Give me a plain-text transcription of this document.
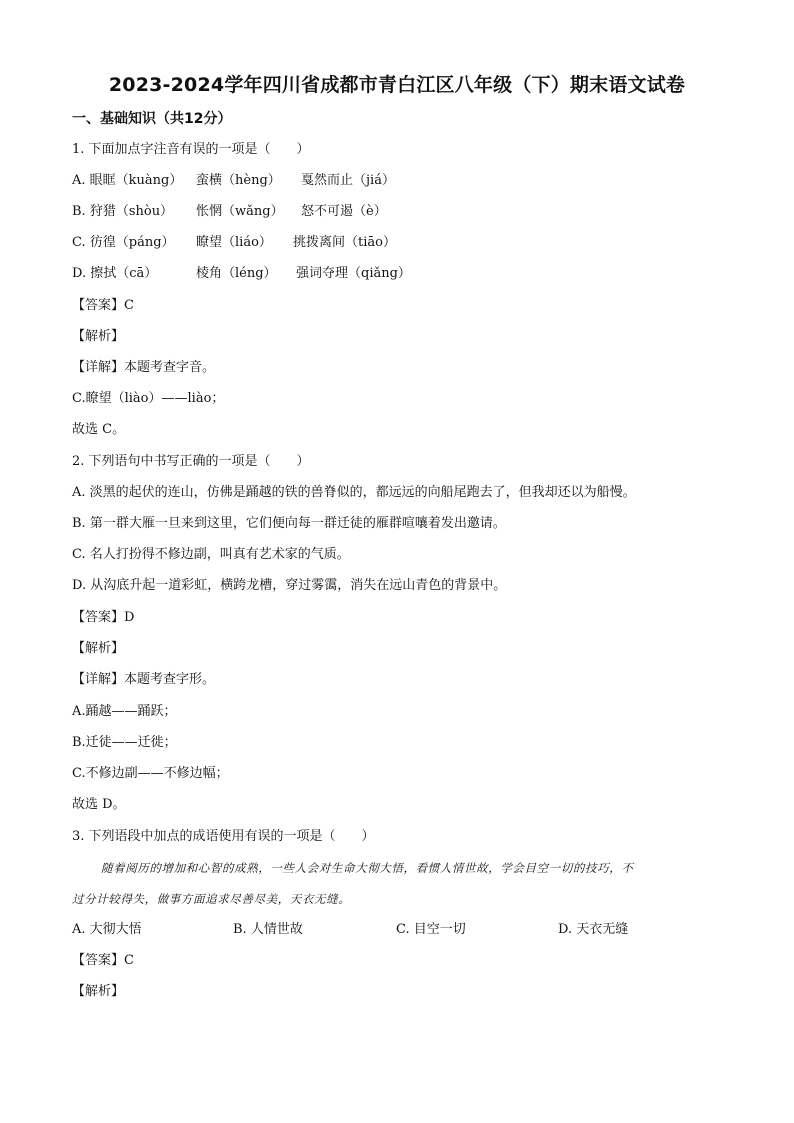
2023-2024学年四川省成都市青白江区八年级（下）期末语文试卷
一、基础知识（共12分）
1. 下面加点字注音有误的一项是（　　）
A. 眼眶（kuàng） 蛮横（hèng） 戛然而止（jiá）
B. 狩猎（shòu） 怅惘（wǎng） 怒不可遏（è）
C. 彷徨（páng） 瞭望（liáo） 挑拨离间（tiāo）
D. 擦拭（cā）	棱角（léng） 强词夺理（qiǎng）
【答案】C
【解析】
【详解】本题考查字音。
C.瞭望（liào）——liào；
故选 C。
2. 下列语句中书写正确的一项是（　　）
A. 淡黑的起伏的连山，仿佛是踊越的铁的兽脊似的，都远远的向船尾跑去了，但我却还以为船慢。
B. 第一群大雁一旦来到这里，它们便向每一群迁徒的雁群喧嚷着发出邀请。
C. 名人打扮得不修边副，叫真有艺术家的气质。
D. 从沟底升起一道彩虹，横跨龙槽，穿过雾霭，消失在远山青色的背景中。
【答案】D
【解析】
【详解】本题考查字形。
A.踊越——踊跃；
B.迁徒——迁徙；
C.不修边副——不修边幅；
故选 D。
3. 下列语段中加点的成语使用有误的一项是（　　）
随着阅历的增加和心智的成熟，一些人会对生命大彻大悟，看惯人情世故，学会目空一切的技巧，不
过分计较得失，做事方面追求尽善尽美，天衣无缝。
A. 大彻大悟	B. 人情世故	C. 目空一切	D. 天衣无缝
【答案】C
【解析】
